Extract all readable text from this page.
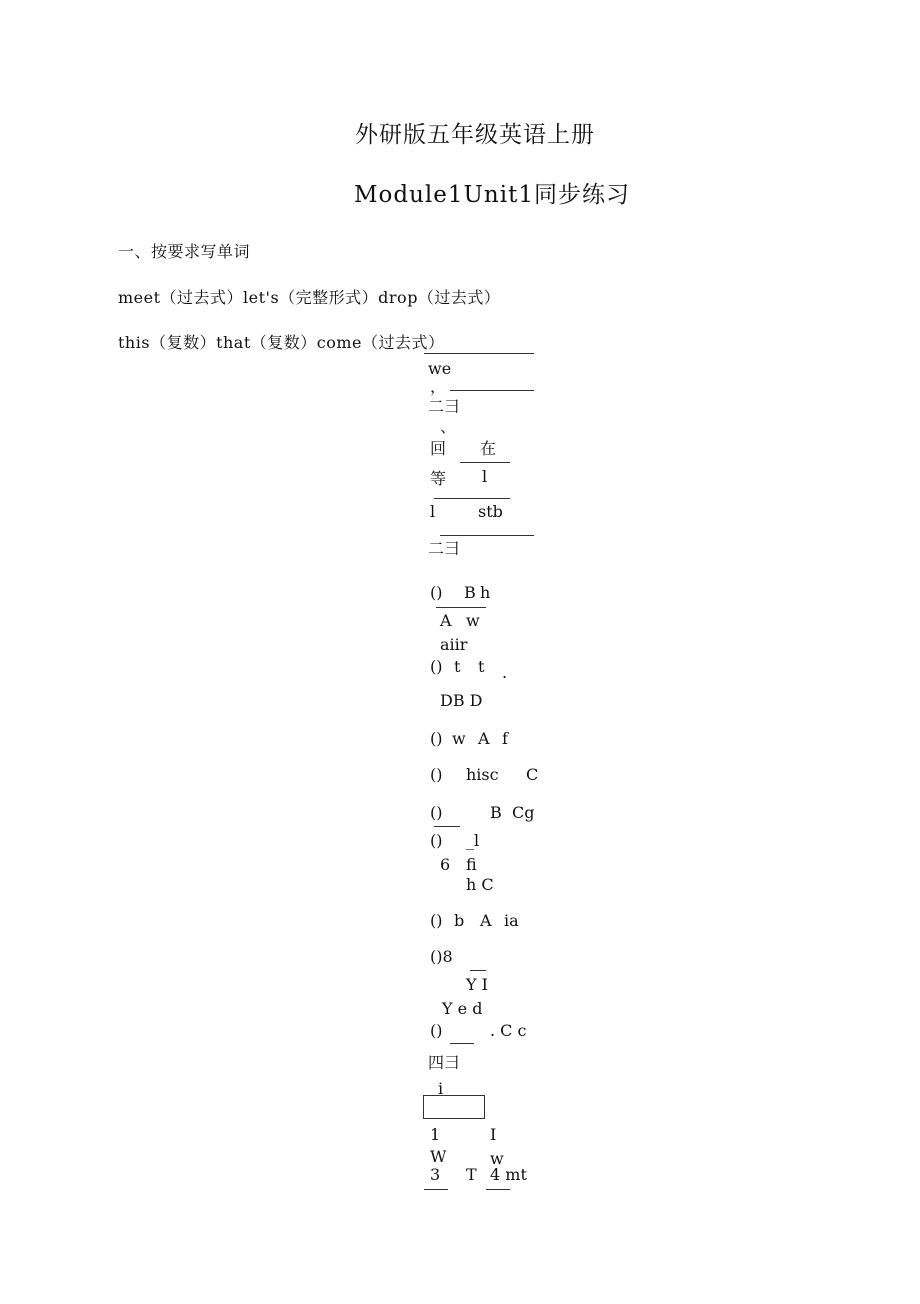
外研版五年级英语上册
Module1Unit1同步练习
一、按要求写单词
meet（过去式）let's（完整形式）drop（过去式）
this（复数）that（复数）come（过去式）
we
，
二彐
、
回 在
l
等
l	stb
二彐
() B h
A w
aiir
() t t .
DB D
() w A f
() hisc C
()	B Cg
() _l
6 fi
h C
() b A ia
()8
Y I
Y e d
()	. C c
四彐
i
1	I
W	w
3 T 4 mt
